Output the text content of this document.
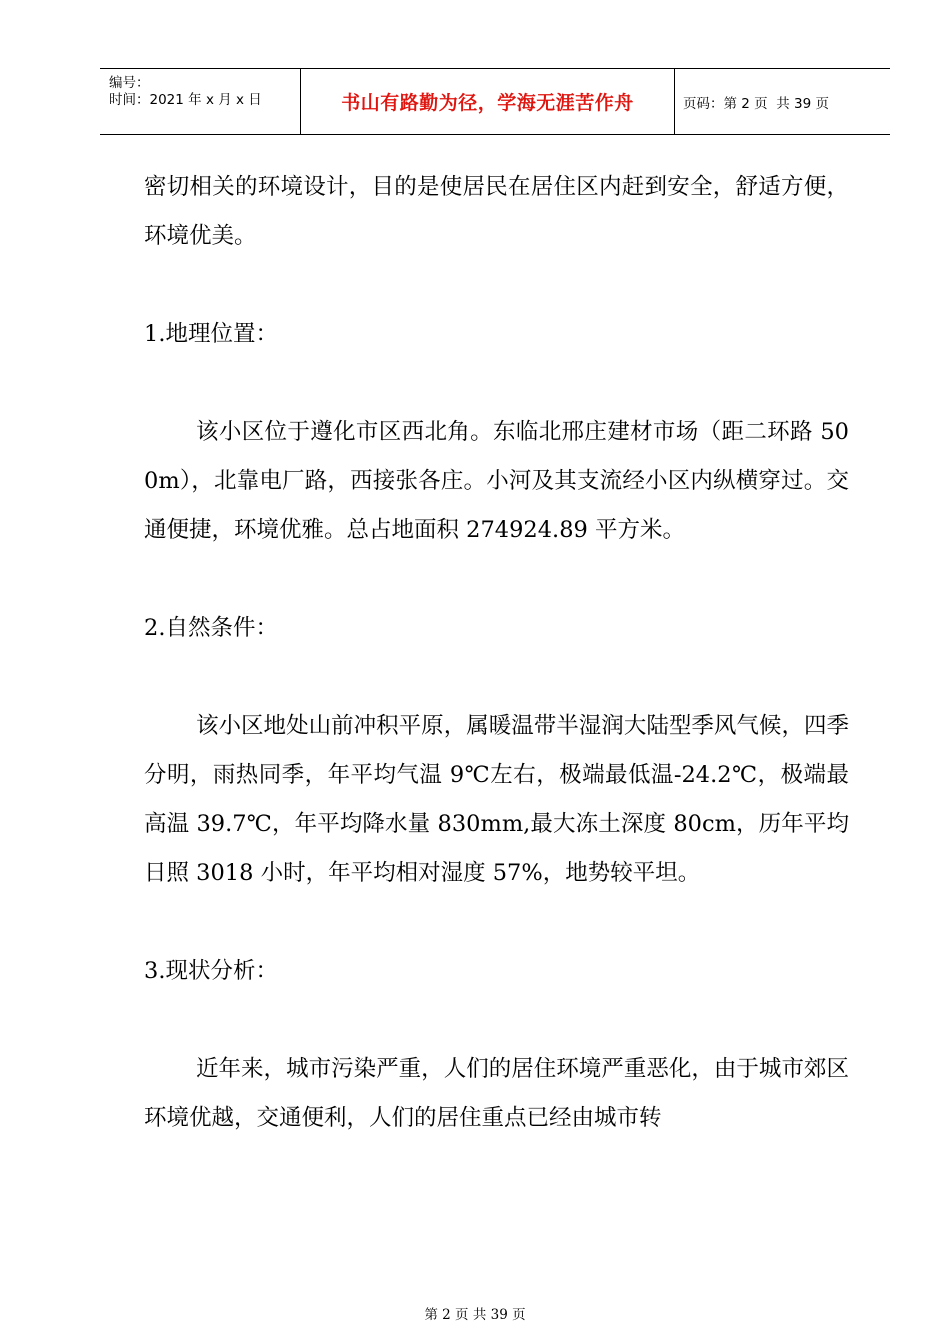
编号：
时间：2021 年 x 月 x 日	书山有路勤为径，学海无涯苦作舟	页码：第 2 页  共 39 页

密切相关的环境设计，目的是使居民在居住区内赶到安全，舒适方便，环境优美。

1.地理位置：

该小区位于遵化市区西北角。东临北邢庄建材市场（距二环路 500m），北靠电厂路，西接张各庄。小河及其支流经小区内纵横穿过。交通便捷，环境优雅。总占地面积 274924.89 平方米。

2.自然条件：

该小区地处山前冲积平原，属暖温带半湿润大陆型季风气候，四季分明，雨热同季，年平均气温 9℃左右，极端最低温-24.2℃，极端最高温 39.7℃，年平均降水量 830mm,最大冻土深度 80cm，历年平均日照 3018 小时，年平均相对湿度 57%，地势较平坦。

3.现状分析：

近年来，城市污染严重，人们的居住环境严重恶化，由于城市郊区环境优越，交通便利，人们的居住重点已经由城市转

第 2 页 共 39 页
